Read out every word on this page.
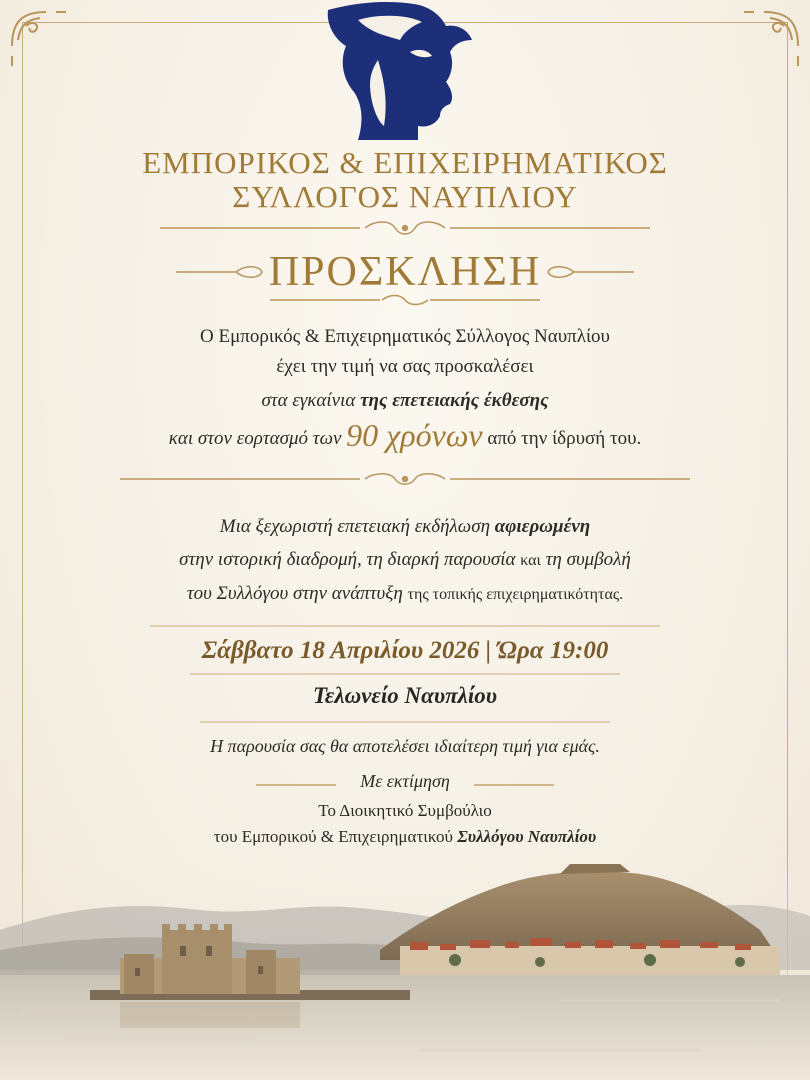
ΕΜΠΟΡΙΚΟΣ & ΕΠΙΧΕΙΡΗΜΑΤΙΚΟΣ
ΣΥΛΛΟΓΟΣ ΝΑΥΠΛΙΟΥ
ΠΡΟΣΚΛΗΣΗ
Ο Εμπορικός & Επιχειρηματικός Σύλλογος Ναυπλίου
έχει την τιμή να σας προσκαλέσει
στα εγκαίνια της επετειακής έκθεσης
και στον εορτασμό των 90 χρόνων από την ίδρυσή του.
Μια ξεχωριστή επετειακή εκδήλωση αφιερωμένη
στην ιστορική διαδρομή, τη διαρκή παρουσία και τη συμβολή
του Συλλόγου στην ανάπτυξη της τοπικής επιχειρηματικότητας.
Σάββατο 18 Απριλίου 2026 | Ώρα 19:00
Τελωνείο Ναυπλίου
Η παρουσία σας θα αποτελέσει ιδιαίτερη τιμή για εμάς.
Με εκτίμηση
Το Διοικητικό Συμβούλιο
του Εμπορικού & Επιχειρηματικού Συλλόγου Ναυπλίου
